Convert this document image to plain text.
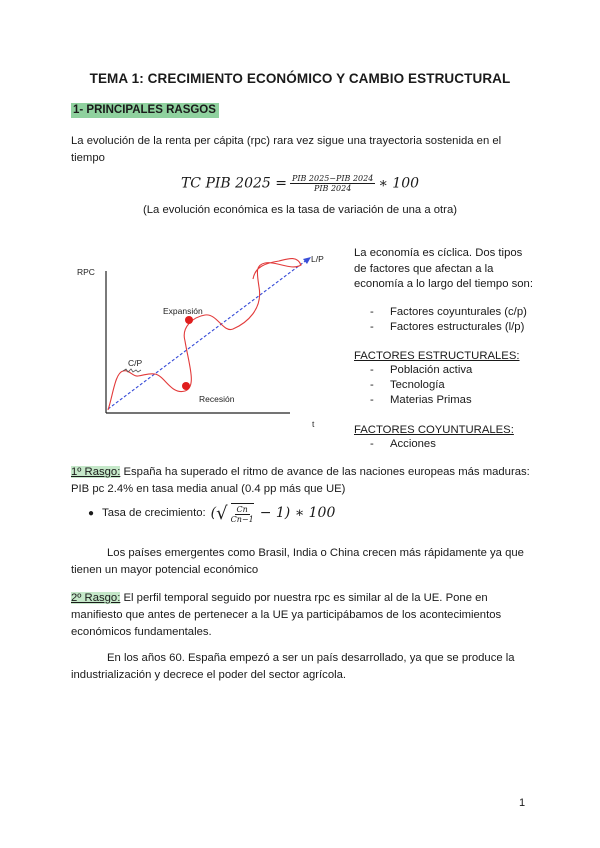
TEMA 1: CRECIMIENTO ECONÓMICO Y CAMBIO ESTRUCTURAL
1- PRINCIPALES RASGOS
La evolución de la renta per cápita (rpc) rara vez sigue una trayectoria sostenida en el tiempo
TC PIB $2025 = \frac{\text{PIB 2025−PIB 2024}}{\text{PIB 2024}}$ ∗ 100
(La evolución económica es la tasa de variación de una a otra)
RPC
t
L/P
C/P
Expansión
Recesión
La economía es cíclica. Dos tipos de factores que afectan a la economía a lo largo del tiempo son:
- Factores coyunturales (c/p)
- Factores estructurales (l/p)
FACTORES ESTRUCTURALES:
- Población activa
- Tecnología
- Materias Primas
FACTORES COYUNTURALES:
- Acciones
1º Rasgo: España ha superado el ritmo de avance de las naciones europeas más maduras: PIB pc 2.4% en tasa media anual (0.4 pp más que UE)
● Tasa de crecimiento: ( √ $\frac{Cn}{Cn-1} - 1$) ∗ 100
Los países emergentes como Brasil, India o China crecen más rápidamente ya que tienen un mayor potencial económico
2º Rasgo: El perfil temporal seguido por nuestra rpc es similar al de la UE. Pone en manifiesto que antes de pertenecer a la UE ya participábamos de los acontecimientos económicos fundamentales.
En los años 60. España empezó a ser un país desarrollado, ya que se produce la industrialización y decrece el poder del sector agrícola.
1
